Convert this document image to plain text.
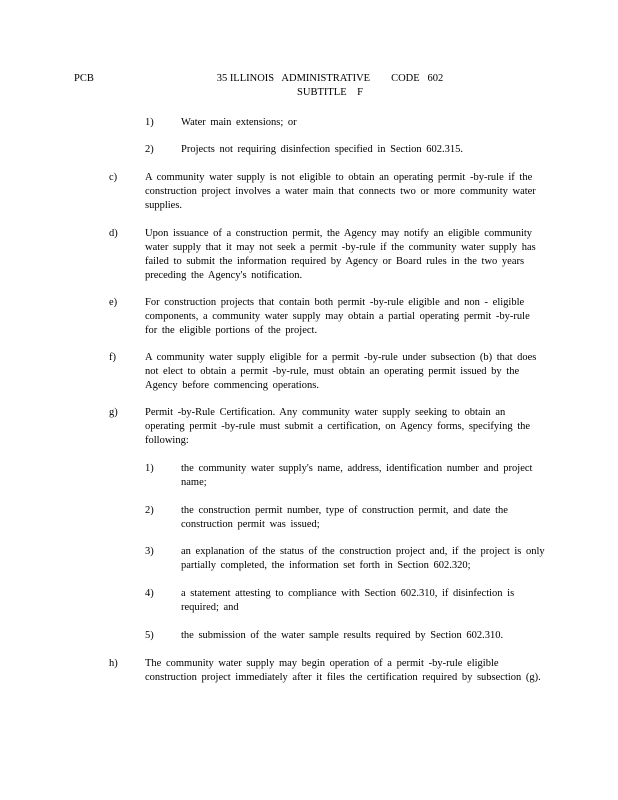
PCB	35 ILLINOIS   ADMINISTRATIVE        CODE   602
SUBTITLE    F
1)	Water main extensions; or
2)	Projects not requiring disinfection specified in Section 602.315.
c)	A community water supply is not eligible to obtain an operating permit -by-rule if the construction project involves a water main that connects two or more community water supplies.
d)	Upon issuance of a construction permit, the Agency may notify an eligible community water supply that it may not seek a permit -by-rule if the community water supply has failed to submit the information required by Agency or Board rules in the two years preceding the Agency's notification.
e)	For construction projects that contain both permit -by-rule eligible and non - eligible components, a community water supply may obtain a partial operating permit -by-rule for the eligible portions of the project.
f)	A community water supply eligible for a permit -by-rule under subsection (b) that does not elect to obtain a permit -by-rule, must obtain an operating permit issued by the Agency before commencing operations.
g)	Permit -by-Rule Certification. Any community water supply seeking to obtain an operating permit -by-rule must submit a certification, on Agency forms, specifying the following:
1)	the community water supply's name, address, identification number and project name;
2)	the construction permit number, type of construction permit, and date the construction permit was issued;
3)	an explanation of the status of the construction project and, if the project is only partially completed, the information set forth in Section 602.320;
4)	a statement attesting to compliance with Section 602.310, if disinfection is required; and
5)	the submission of the water sample results required by Section 602.310.
h)	The community water supply may begin operation of a permit -by-rule eligible construction project immediately after it files the certification required by subsection (g).
